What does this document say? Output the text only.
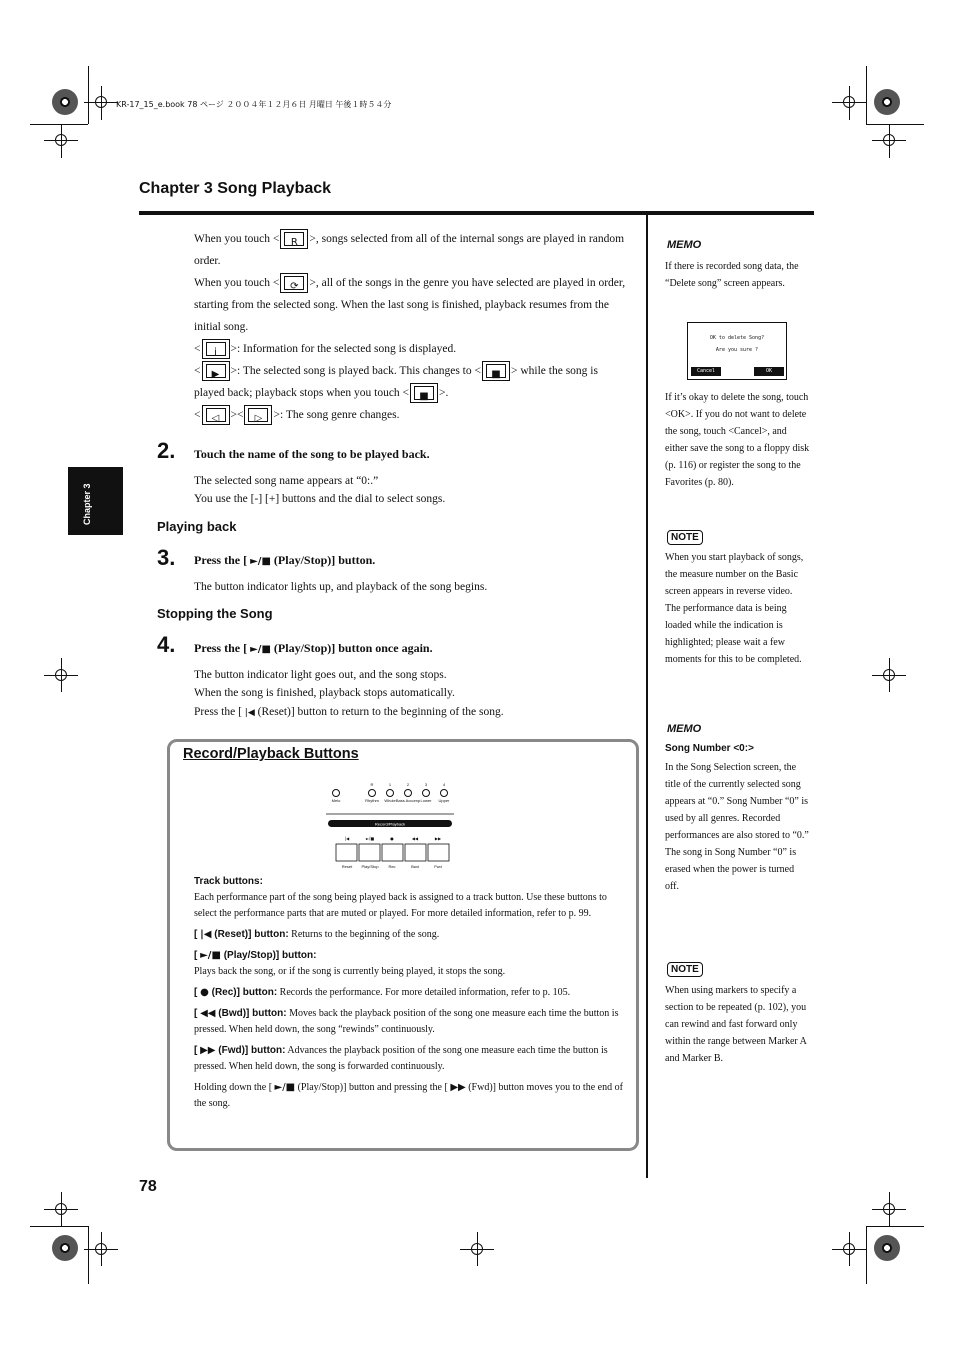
KR-17_15_e.book 78 ページ ２００４年１２月６日 月曜日 午後１時５４分
Chapter 3 Song Playback
Chapter 3

When you touch <	R	>, songs selected from all of the internal songs are played in random order.

When you touch <	⟳ >, all of the songs in the genre you have selected are played in order, starting from the selected song. When the last song is finished, playback resumes from the initial song.

<	i	>: Information for the selected song is displayed.

<	▶ >: The selected song is played back. This changes to <	■ > while the song is played back; playback stops when you touch <	■ >.

<	◁ ><	▷ >: The song genre changes.

2. Touch the name of the song to be played back.
The selected song name appears at “0:.”
You use the [-] [+] buttons and the dial to select songs.
Playing back
3. Press the [ ►/■ (Play/Stop)] button.
The button indicator lights up, and playback of the song begins.
Stopping the Song
4. Press the [ ►/■ (Play/Stop)] button once again.
The button indicator light goes out, and the song stops.
When the song is finished, playback stops automatically.
Press the [ |◀ (Reset)] button to return to the beginning of the song.
Record/Playback Buttons
R	1	2	3	4
Melo	Rhythm Whole Bass Accomp Lower Upper
Record/Playback
|◀	►/■	●	◀◀	▶▶
Reset Play/Stop Rec	Bwd	Fwd
Track buttons:
Each performance part of the song being played back is assigned to a track button. Use these buttons to select the performance parts that are muted or played. For more detailed information, refer to p. 99.
[ |◀ (Reset)] button: Returns to the beginning of the song.
[ ►/■ (Play/Stop)] button:
Plays back the song, or if the song is currently being played, it stops the song.
[ ● (Rec)] button: Records the performance. For more detailed information, refer to p. 105.
[ ◀◀ (Bwd)] button: Moves back the playback position of the song one measure each time the button is pressed. When held down, the song “rewinds” continuously.
[ ▶▶ (Fwd)] button: Advances the playback position of the song one measure each time the button is pressed. When held down, the song is forwarded continuously.
Holding down the [ ►/■ (Play/Stop)] button and pressing the [ ▶▶ (Fwd)] button moves you to the end of the song.
MEMO
If there is recorded song data, the “Delete song” screen appears.
OK to delete Song?
Are you sure ?
Cancel	OK
If it’s okay to delete the song, touch <OK>. If you do not want to delete the song, touch <Cancel>, and either save the song to a floppy disk (p. 116) or register the song to the Favorites (p. 80).
NOTE
When you start playback of songs, the measure number on the Basic screen appears in reverse video. The performance data is being loaded while the indication is highlighted; please wait a few moments for this to be completed.
MEMO
Song Number <0:>
In the Song Selection screen, the title of the currently selected song appears at “0.” Song Number “0” is used by all genres. Recorded performances are also stored to “0.” The song in Song Number “0” is erased when the power is turned off.
NOTE
When using markers to specify a section to be repeated (p. 102), you can rewind and fast forward only within the range between Marker A and Marker B.
78
